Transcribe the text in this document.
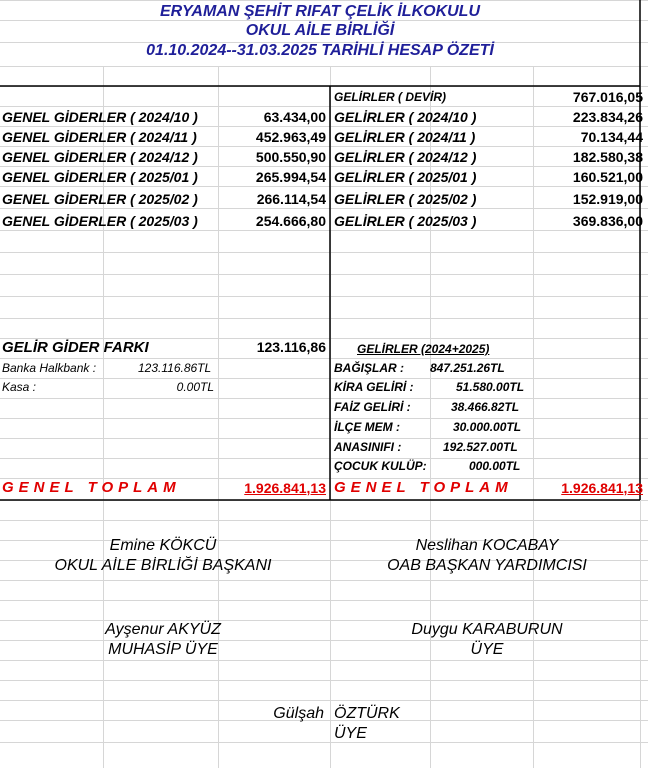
ERYAMAN ŞEHİT RIFAT ÇELİK İLKOKULU
OKUL AİLE BİRLİĞİ
01.10.2024--31.03.2025 TARİHLİ HESAP ÖZETİ
GENEL GİDERLER ( 2024/10 )	63.434,00
GENEL GİDERLER ( 2024/11 )	452.963,49
GENEL GİDERLER ( 2024/12 )	500.550,90
GENEL GİDERLER ( 2025/01 )	265.994,54
GENEL GİDERLER ( 2025/02 )	266.114,54
GENEL GİDERLER ( 2025/03 )	254.666,80
GELİRLER ( DEVİR)	767.016,05
GELİRLER ( 2024/10 )	223.834,26
GELİRLER ( 2024/11 )	70.134,44
GELİRLER ( 2024/12 )	182.580,38
GELİRLER ( 2025/01 )	160.521,00
GELİRLER ( 2025/02 )	152.919,00
GELİRLER ( 2025/03 )	369.836,00
GELİR GİDER FARKI	123.116,86
Banka Halkbank :	123.116.86TL
Kasa :	0.00TL
GELİRLER (2024+2025)
BAĞIŞLAR : 847.251.26TL
KİRA GELİRİ :	51.580.00TL
FAİZ GELİRİ :	38.466.82TL
İLÇE MEM :	30.000.00TL
ANASINIFI :	192.527.00TL
ÇOCUK KULÜP:	000.00TL
GENEL TOPLAM	1.926.841,13 GENEL TOPLAM	1.926.841,13
Emine KÖKCÜ
OKUL AİLE BİRLİĞİ BAŞKANI
Neslihan KOCABAY
OAB BAŞKAN YARDIMCISI
Ayşenur AKYÜZ
MUHASİP ÜYE
Duygu KARABURUN
ÜYE
Gülşah ÖZTÜRK
ÜYE
